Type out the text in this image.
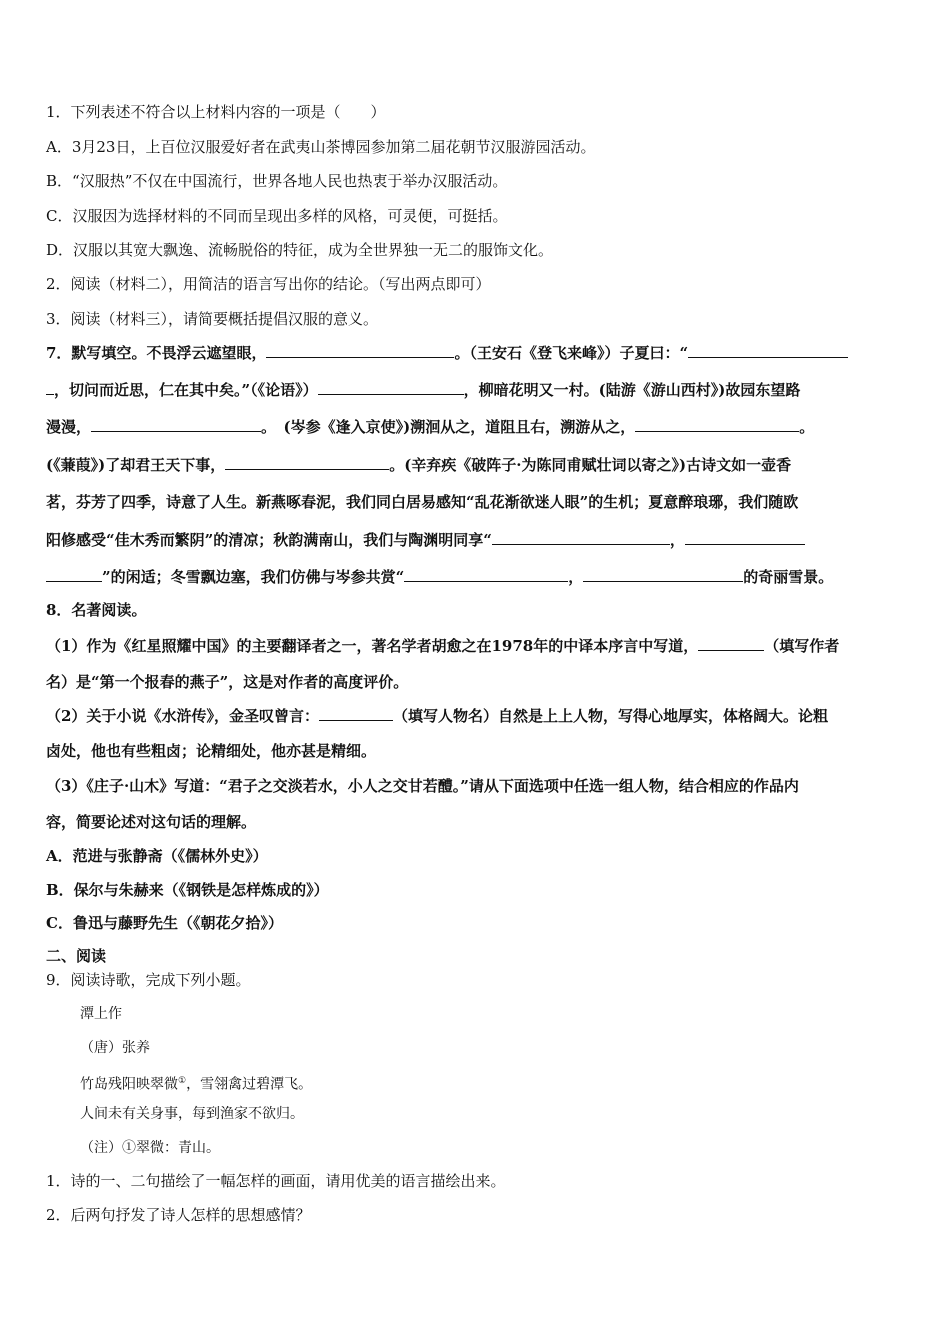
1．下列表述不符合以上材料内容的一项是（　　）
A．3月23日，上百位汉服爱好者在武夷山茶博园参加第二届花朝节汉服游园活动。
B．“汉服热”不仅在中国流行，世界各地人民也热衷于举办汉服活动。
C．汉服因为选择材料的不同而呈现出多样的风格，可灵便，可挺括。
D．汉服以其宽大飘逸、流畅脱俗的特征，成为全世界独一无二的服饰文化。
2．阅读（材料二），用简洁的语言写出你的结论。（写出两点即可）
3．阅读（材料三），请简要概括提倡汉服的意义。
7．默写填空。不畏浮云遮望眼，	。（王安石《登飞来峰》）子夏曰：“
，切问而近思，仁在其中矣。”（《论语》）	，柳暗花明又一村。(陆游《游山西村》)故园东望路
漫漫，	。　(岑参《逢入京使》)溯洄从之，道阻且右，溯游从之，	。
(《蒹葭》)了却君王天下事，	。(辛弃疾《破阵子·为陈同甫赋壮词以寄之》)古诗文如一壶香
茗，芬芳了四季，诗意了人生。新燕啄春泥，我们同白居易感知“乱花渐欲迷人眼”的生机；夏意醉琅琊，我们随欧
阳修感受“佳木秀而繁阴”的清凉；秋韵满南山，我们与陶渊明同享“	，
”的闲适；冬雪飘边塞，我们仿佛与岑参共赏“	，	的奇丽雪景。
8．名著阅读。
（1）作为《红星照耀中国》的主要翻译者之一，著名学者胡愈之在1978年的中译本序言中写道，	（填写作者
名）是“第一个报春的燕子”，这是对作者的高度评价。
（2）关于小说《水浒传》，金圣叹曾言：	（填写人物名）自然是上上人物，写得心地厚实，体格阔大。论粗
卤处，他也有些粗卤；论精细处，他亦甚是精细。
（3）《庄子·山木》写道：“君子之交淡若水，小人之交甘若醴。”请从下面选项中任选一组人物，结合相应的作品内
容，简要论述对这句话的理解。
A．范进与张静斋（《儒林外史》）
B．保尔与朱赫来（《钢铁是怎样炼成的》）
C．鲁迅与藤野先生（《朝花夕拾》）
二、阅读
9．阅读诗歌，完成下列小题。
潭上作
（唐）张养
竹岛残阳映翠微①，雪翎禽过碧潭飞。
人间未有关身事，每到渔家不欲归。
（注）①翠微：青山。
1．诗的一、二句描绘了一幅怎样的画面，请用优美的语言描绘出来。
2．后两句抒发了诗人怎样的思想感情？
